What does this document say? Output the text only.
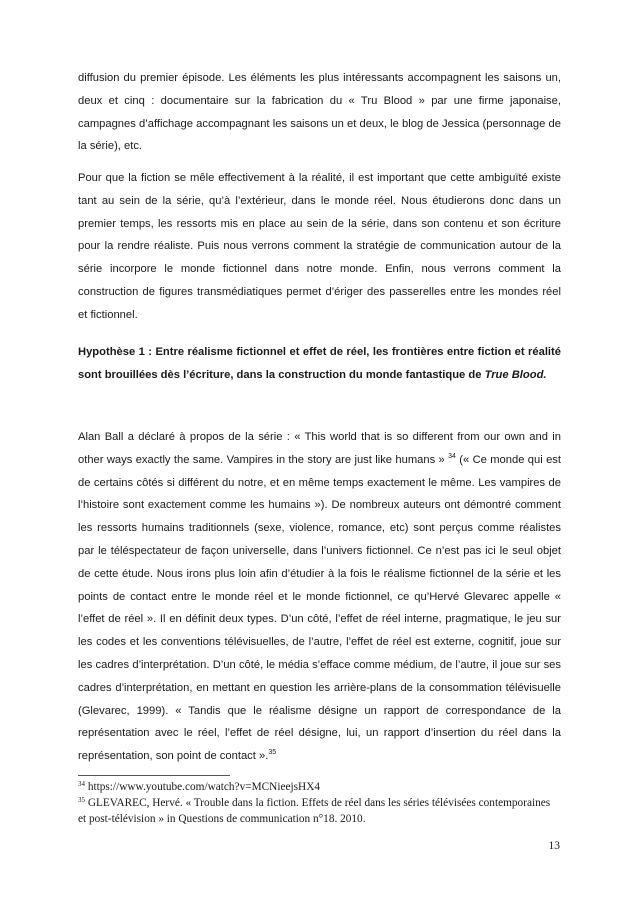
diffusion du premier épisode. Les éléments les plus intéressants accompagnent les saisons un, deux et cinq : documentaire sur la fabrication du « Tru Blood » par une firme japonaise, campagnes d’affichage accompagnant les saisons un et deux, le blog de Jessica (personnage de la série), etc.

Pour que la fiction se mêle effectivement à la réalité, il est important que cette ambiguïté existe tant au sein de la série, qu’à l’extérieur, dans le monde réel. Nous étudierons donc dans un premier temps, les ressorts mis en place au sein de la série, dans son contenu et son écriture pour la rendre réaliste. Puis nous verrons comment la stratégie de communication autour de la série incorpore le monde fictionnel dans notre monde. Enfin, nous verrons comment la construction de figures transmédiatiques permet d’ériger des passerelles entre les mondes réel et fictionnel.

Hypothèse 1 : Entre réalisme fictionnel et effet de réel, les frontières entre fiction et réalité sont brouillées dès l’écriture, dans la construction du monde fantastique de True Blood.

Alan Ball a déclaré à propos de la série : « This world that is so different from our own and in other ways exactly the same. Vampires in the story are just like humans » $^{34}$ (« Ce monde qui est de certains côtés si différent du notre, et en même temps exactement le même. Les vampires de l’histoire sont exactement comme les humains »). De nombreux auteurs ont démontré comment les ressorts humains traditionnels (sexe, violence, romance, etc) sont perçus comme réalistes par le téléspectateur de façon universelle, dans l’univers fictionnel. Ce n’est pas ici le seul objet de cette étude. Nous irons plus loin afin d’étudier à la fois le réalisme fictionnel de la série et les points de contact entre le monde réel et le monde fictionnel, ce qu’Hervé Glevarec appelle « l’effet de réel ». Il en définit deux types. D’un côté, l’effet de réel interne, pragmatique, le jeu sur les codes et les conventions télévisuelles, de l’autre, l’effet de réel est externe, cognitif, joue sur les cadres d’interprétation. D’un côté, le média s’efface comme médium, de l’autre, il joue sur ses cadres d’interprétation, en mettant en question les arrière-plans de la consommation télévisuelle (Glevarec, 1999). « Tandis que le réalisme désigne un rapport de correspondance de la représentation avec le réel, l’effet de réel désigne, lui, un rapport d’insertion du réel dans la représentation, son point de contact ».$^{35}$

$^{34}$ https://www.youtube.com/watch?v=MCNieejsHX4

$^{35}$ GLEVAREC, Hervé. « Trouble dans la fiction. Effets de réel dans les séries télévisées contemporaines et post-télévision » in Questions de communication n°18. 2010.

13
